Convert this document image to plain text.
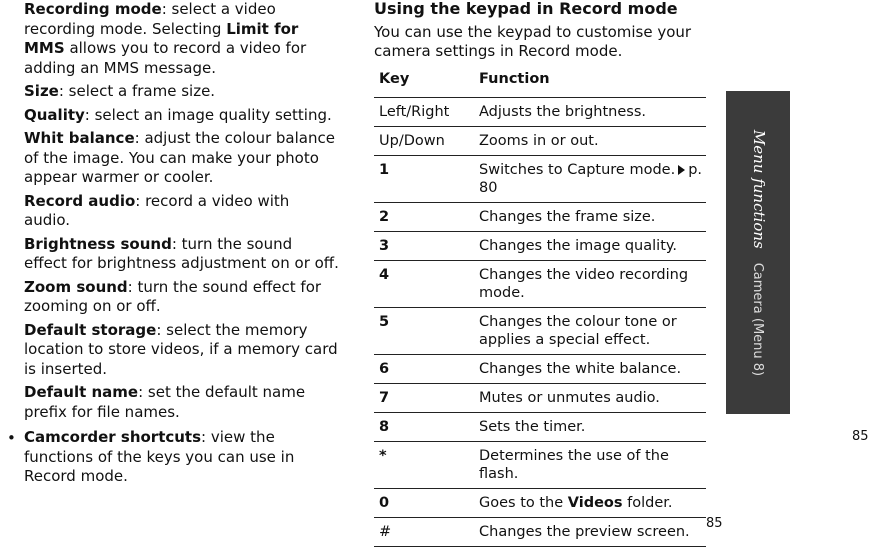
Recording mode: select a video recording mode. Selecting Limit for MMS allows you to record a video for adding an MMS message.
Size: select a frame size.
Quality: select an image quality setting.
Whit balance: adjust the colour balance of the image. You can make your photo appear warmer or cooler.
Record audio: record a video with audio.
Brightness sound: turn the sound effect for brightness adjustment on or off.
Zoom sound: turn the sound effect for zooming on or off.
Default storage: select the memory location to store videos, if a memory card is inserted.
Default name: set the default name prefix for file names.
• Camcorder shortcuts: view the functions of the keys you can use in Record mode.
Using the keypad in Record mode
You can use the keypad to customise your camera settings in Record mode.
Key	Function
Left/Right	Adjusts the brightness.
Up/Down	Zooms in or out.
1	Switches to Capture mode. p. 80
2	Changes the frame size.
3	Changes the image quality.
4	Changes the video recording mode.
5	Changes the colour tone or applies a special effect.
6	Changes the white balance.
7	Mutes or unmutes audio.
8	Sets the timer.
*	Determines the use of the flash.
0	Goes to the Videos folder.
#	Changes the preview screen.
Menu functionsCamera (Menu 8)
85
85
